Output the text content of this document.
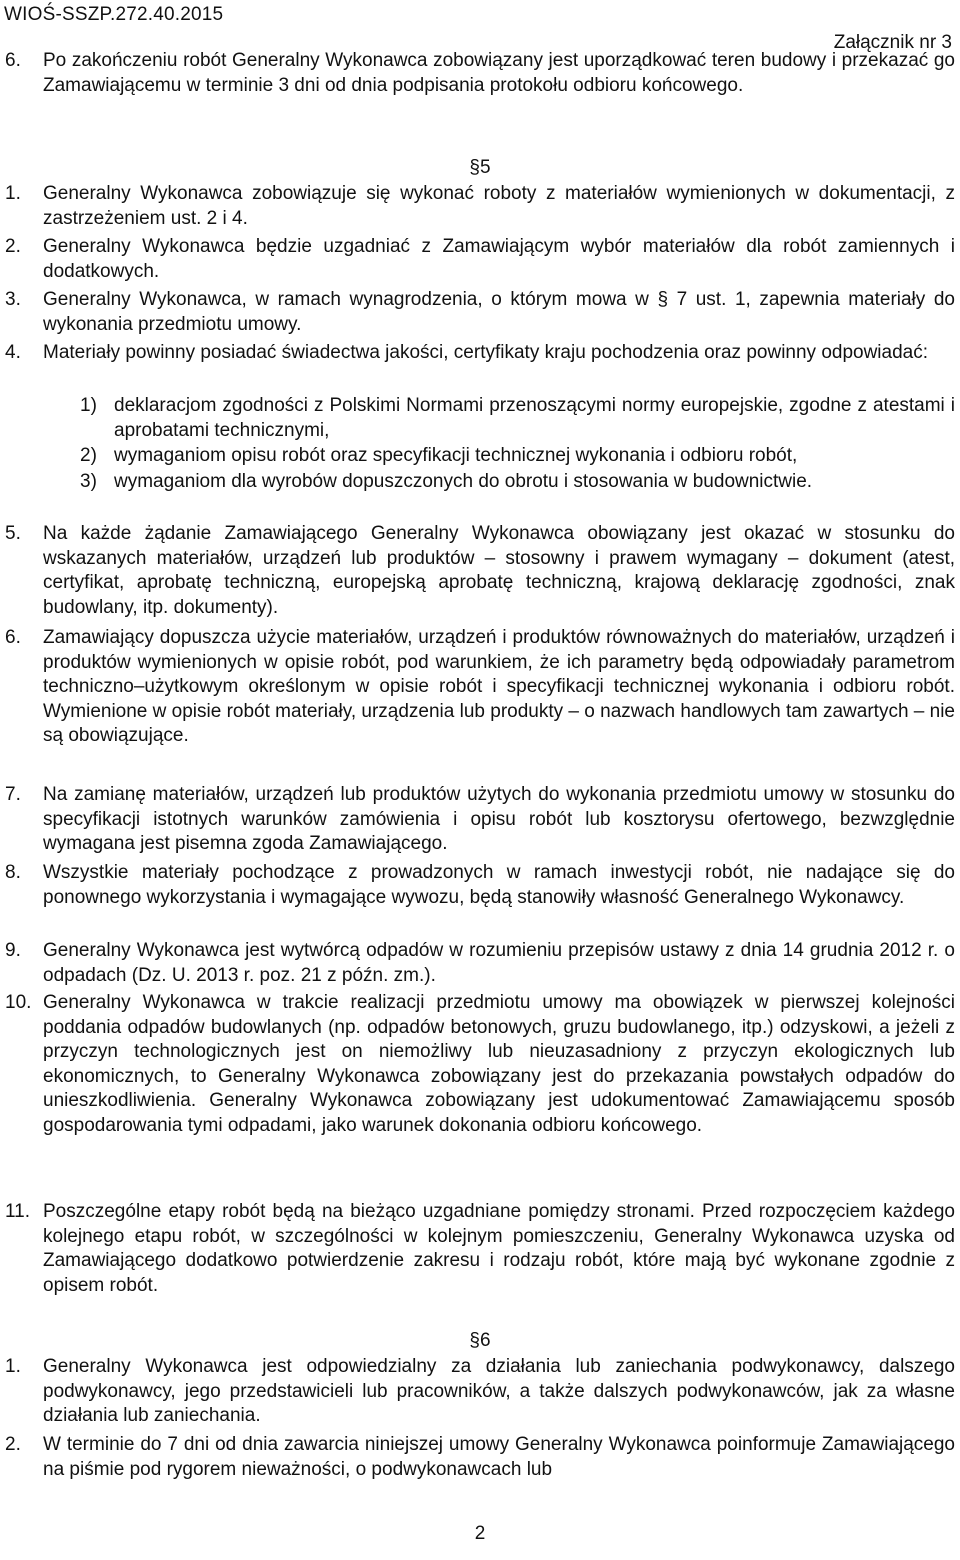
WIOŚ-SSZP.272.40.2015
Załącznik nr 3
6. Po zakończeniu robót Generalny Wykonawca zobowiązany jest uporządkować teren budowy i przekazać go Zamawiającemu w terminie 3 dni od dnia podpisania protokołu odbioru końcowego.
§5
1. Generalny Wykonawca zobowiązuje się wykonać roboty z materiałów wymienionych w dokumentacji, z zastrzeżeniem ust. 2 i 4.
2. Generalny Wykonawca będzie uzgadniać z Zamawiającym wybór materiałów dla robót zamiennych i dodatkowych.
3. Generalny Wykonawca, w ramach wynagrodzenia, o którym mowa w § 7 ust. 1, zapewnia materiały do wykonania przedmiotu umowy.
4. Materiały powinny posiadać świadectwa jakości, certyfikaty kraju pochodzenia oraz powinny odpowiadać:
1) deklaracjom zgodności z Polskimi Normami przenoszącymi normy europejskie, zgodne z atestami i aprobatami technicznymi,
2) wymaganiom opisu robót oraz specyfikacji technicznej wykonania i odbioru robót,
3) wymaganiom dla wyrobów dopuszczonych do obrotu i stosowania w budownictwie.
5. Na każde żądanie Zamawiającego Generalny Wykonawca obowiązany jest okazać w stosunku do wskazanych materiałów, urządzeń lub produktów – stosowny i prawem wymagany – dokument (atest, certyfikat, aprobatę techniczną, europejską aprobatę techniczną, krajową deklarację zgodności, znak budowlany, itp. dokumenty).
6. Zamawiający dopuszcza użycie materiałów, urządzeń i produktów równoważnych do materiałów, urządzeń i produktów wymienionych w opisie robót, pod warunkiem, że ich parametry będą odpowiadały parametrom techniczno–użytkowym określonym w opisie robót i specyfikacji technicznej wykonania i odbioru robót. Wymienione w opisie robót materiały, urządzenia lub produkty – o nazwach handlowych tam zawartych – nie są obowiązujące.
7. Na zamianę materiałów, urządzeń lub produktów użytych do wykonania przedmiotu umowy w stosunku do specyfikacji istotnych warunków zamówienia i opisu robót lub kosztorysu ofertowego, bezwzględnie wymagana jest pisemna zgoda Zamawiającego.
8. Wszystkie materiały pochodzące z prowadzonych w ramach inwestycji robót, nie nadające się do ponownego wykorzystania i wymagające wywozu, będą stanowiły własność Generalnego Wykonawcy.
9. Generalny Wykonawca jest wytwórcą odpadów w rozumieniu przepisów ustawy z dnia 14 grudnia 2012 r. o odpadach (Dz. U. 2013 r. poz. 21 z późn. zm.).
10. Generalny Wykonawca w trakcie realizacji przedmiotu umowy ma obowiązek w pierwszej kolejności poddania odpadów budowlanych (np. odpadów betonowych, gruzu budowlanego, itp.) odzyskowi, a jeżeli z przyczyn technologicznych jest on niemożliwy lub nieuzasadniony z przyczyn ekologicznych lub ekonomicznych, to Generalny Wykonawca zobowiązany jest do przekazania powstałych odpadów do unieszkodliwienia. Generalny Wykonawca zobowiązany jest udokumentować Zamawiającemu sposób gospodarowania tymi odpadami, jako warunek dokonania odbioru końcowego.
11. Poszczególne etapy robót będą na bieżąco uzgadniane pomiędzy stronami. Przed rozpoczęciem każdego kolejnego etapu robót, w szczególności w kolejnym pomieszczeniu, Generalny Wykonawca uzyska od Zamawiającego dodatkowo potwierdzenie zakresu i rodzaju robót, które mają być wykonane zgodnie z opisem robót.
§6
1. Generalny Wykonawca jest odpowiedzialny za działania lub zaniechania podwykonawcy, dalszego podwykonawcy, jego przedstawicieli lub pracowników, a także dalszych podwykonawców, jak za własne działania lub zaniechania.
2. W terminie do 7 dni od dnia zawarcia niniejszej umowy Generalny Wykonawca poinformuje Zamawiającego na piśmie pod rygorem nieważności, o podwykonawcach lub
2
